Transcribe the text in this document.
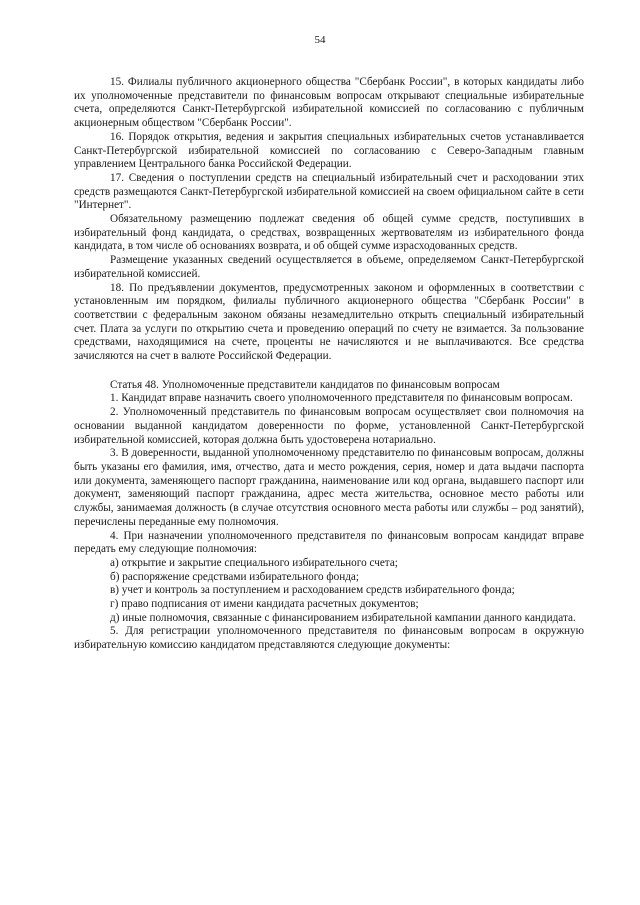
54

15. Филиалы публичного акционерного общества "Сбербанк России", в которых кандидаты либо их уполномоченные представители по финансовым вопросам открывают специальные избирательные счета, определяются Санкт-Петербургской избирательной комиссией по согласованию с публичным акционерным обществом "Сбербанк России".

16. Порядок открытия, ведения и закрытия специальных избирательных счетов устанавливается Санкт-Петербургской избирательной комиссией по согласованию с Северо-Западным главным управлением Центрального банка Российской Федерации.

17. Сведения о поступлении средств на специальный избирательный счет и расходовании этих средств размещаются Санкт-Петербургской избирательной комиссией на своем официальном сайте в сети "Интернет".

Обязательному размещению подлежат сведения об общей сумме средств, поступивших в избирательный фонд кандидата, о средствах, возвращенных жертвователям из избирательного фонда кандидата, в том числе об основаниях возврата, и об общей сумме израсходованных средств.

Размещение указанных сведений осуществляется в объеме, определяемом Санкт-Петербургской избирательной комиссией.

18. По предъявлении документов, предусмотренных законом и оформленных в соответствии с установленным им порядком, филиалы публичного акционерного общества "Сбербанк России" в соответствии с федеральным законом обязаны незамедлительно открыть специальный избирательный счет. Плата за услуги по открытию счета и проведению операций по счету не взимается. За пользование средствами, находящимися на счете, проценты не начисляются и не выплачиваются. Все средства зачисляются на счет в валюте Российской Федерации.

Статья 48. Уполномоченные представители кандидатов по финансовым вопросам

1. Кандидат вправе назначить своего уполномоченного представителя по финансовым вопросам.

2. Уполномоченный представитель по финансовым вопросам осуществляет свои полномочия на основании выданной кандидатом доверенности по форме, установленной Санкт-Петербургской избирательной комиссией, которая должна быть удостоверена нотариально.

3. В доверенности, выданной уполномоченному представителю по финансовым вопросам, должны быть указаны его фамилия, имя, отчество, дата и место рождения, серия, номер и дата выдачи паспорта или документа, заменяющего паспорт гражданина, наименование или код органа, выдавшего паспорт или документ, заменяющий паспорт гражданина, адрес места жительства, основное место работы или службы, занимаемая должность (в случае отсутствия основного места работы или службы – род занятий), перечислены переданные ему полномочия.

4. При назначении уполномоченного представителя по финансовым вопросам кандидат вправе передать ему следующие полномочия:

а) открытие и закрытие специального избирательного счета;

б) распоряжение средствами избирательного фонда;

в) учет и контроль за поступлением и расходованием средств избирательного фонда;

г) право подписания от имени кандидата расчетных документов;

д) иные полномочия, связанные с финансированием избирательной кампании данного кандидата.

5. Для регистрации уполномоченного представителя по финансовым вопросам в окружную избирательную комиссию кандидатом представляются следующие документы:
